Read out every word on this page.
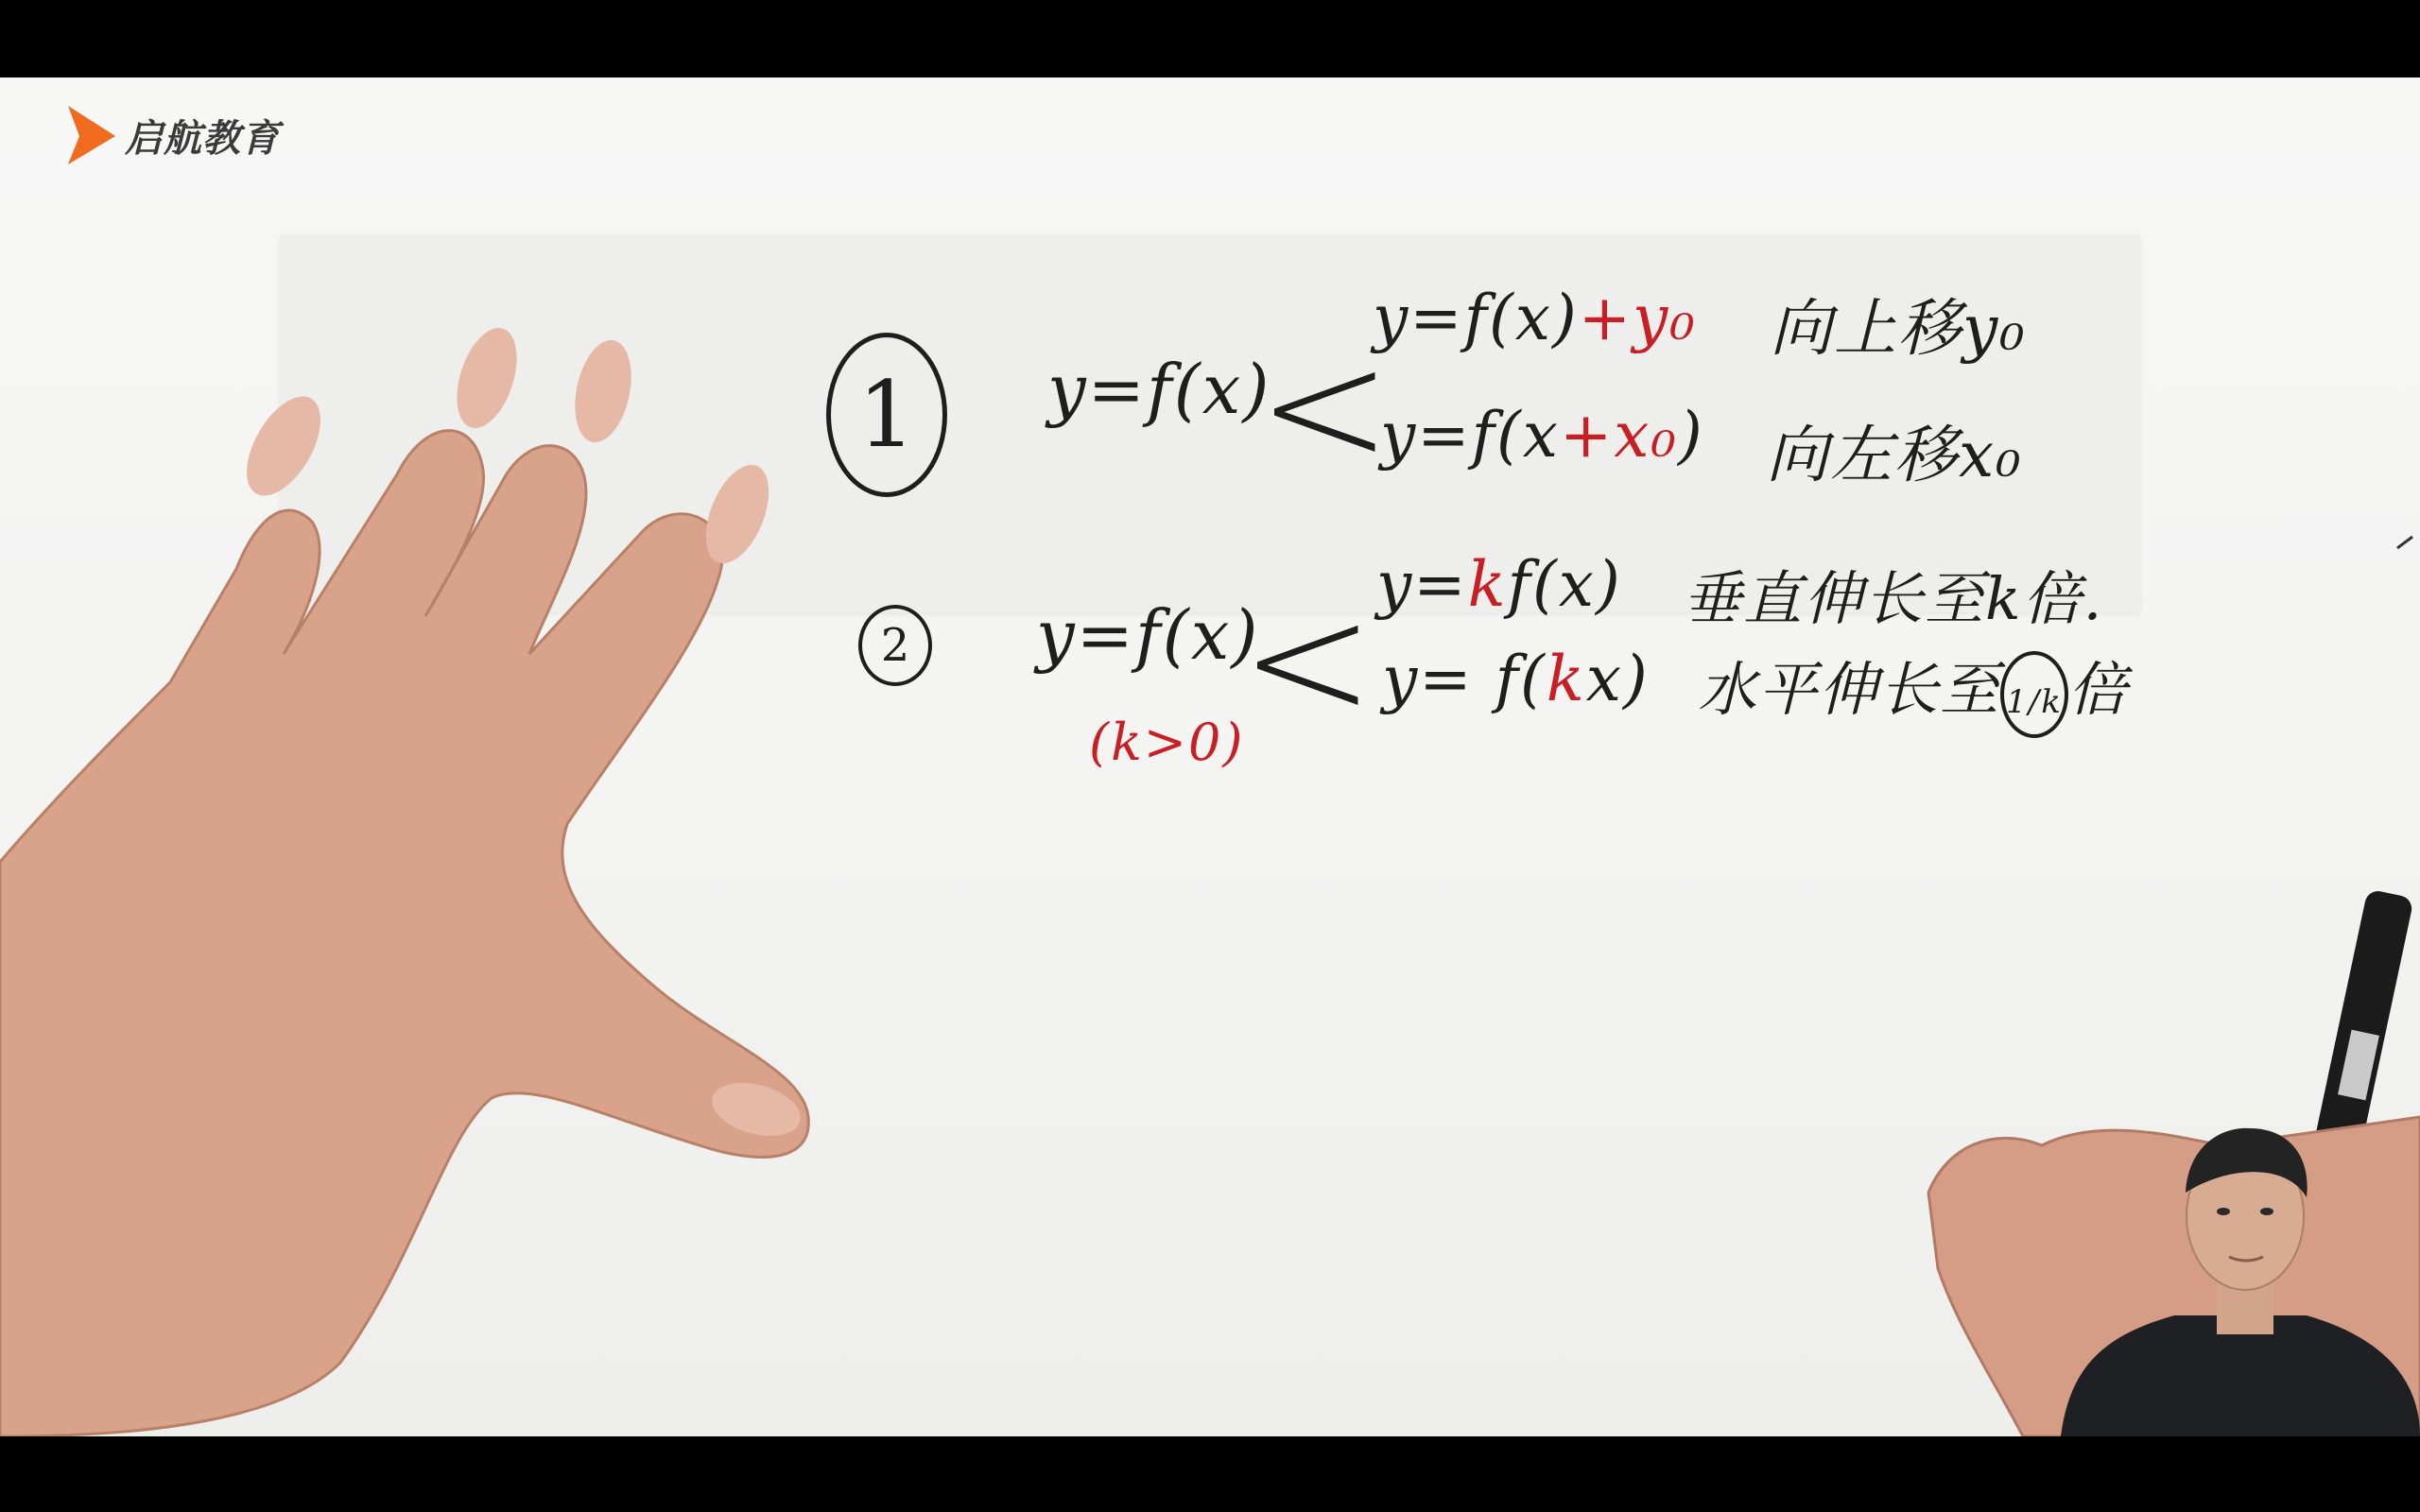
启航教育
1 y=f(x)
<
y=f(x)+y₀ 向上移y₀
y=f(x+x₀) 向左移x₀
2 y=f(x)
<
(k>0)
y=kf(x) 垂直伸长至k倍.
y= f(kx) 水平伸长至 1/k倍
